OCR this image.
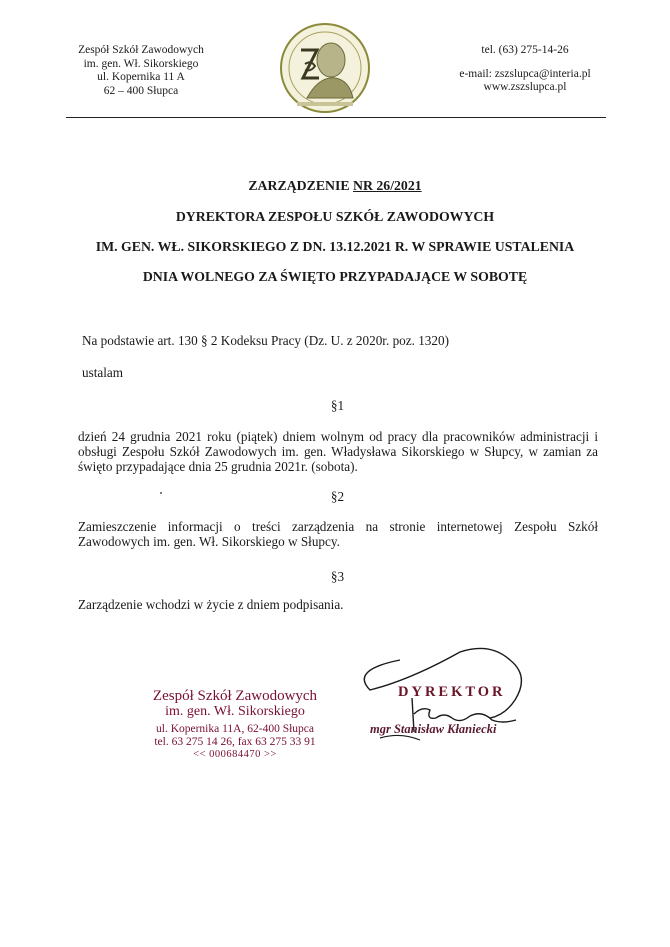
Zespół Szkół Zawodowych
im. gen. Wł. Sikorskiego
ul. Kopernika 11 A
62 – 400 Słupca
tel. (63) 275-14-26
e-mail: zszslupca@interia.pl
www.zszslupca.pl
ZARZĄDZENIE NR 26/2021
DYREKTORA ZESPOŁU SZKÓŁ ZAWODOWYCH
IM. GEN. WŁ. SIKORSKIEGO Z DN. 13.12.2021 R. W SPRAWIE USTALENIA
DNIA WOLNEGO ZA ŚWIĘTO PRZYPADAJĄCE W SOBOTĘ
Na podstawie art. 130 § 2 Kodeksu Pracy (Dz. U. z 2020r. poz. 1320)
ustalam
§1
dzień 24 grudnia 2021 roku (piątek) dniem wolnym od pracy dla pracowników administracji i obsługi Zespołu Szkół Zawodowych im. gen. Władysława Sikorskiego w Słupcy, w zamian za święto przypadające dnia 25 grudnia 2021r. (sobota).
§2
Zamieszczenie informacji o treści zarządzenia na stronie internetowej Zespołu Szkół Zawodowych im. gen. Wł. Sikorskiego w Słupcy.
§3
Zarządzenie wchodzi w życie z dniem podpisania.
Zespół Szkół Zawodowych
im. gen. Wł. Sikorskiego
ul. Kopernika 11A, 62-400 Słupca
tel. 63 275 14 26, fax 63 275 33 91
<< 000684470 >>
DYREKTOR
mgr Stanisław Kłaniecki
